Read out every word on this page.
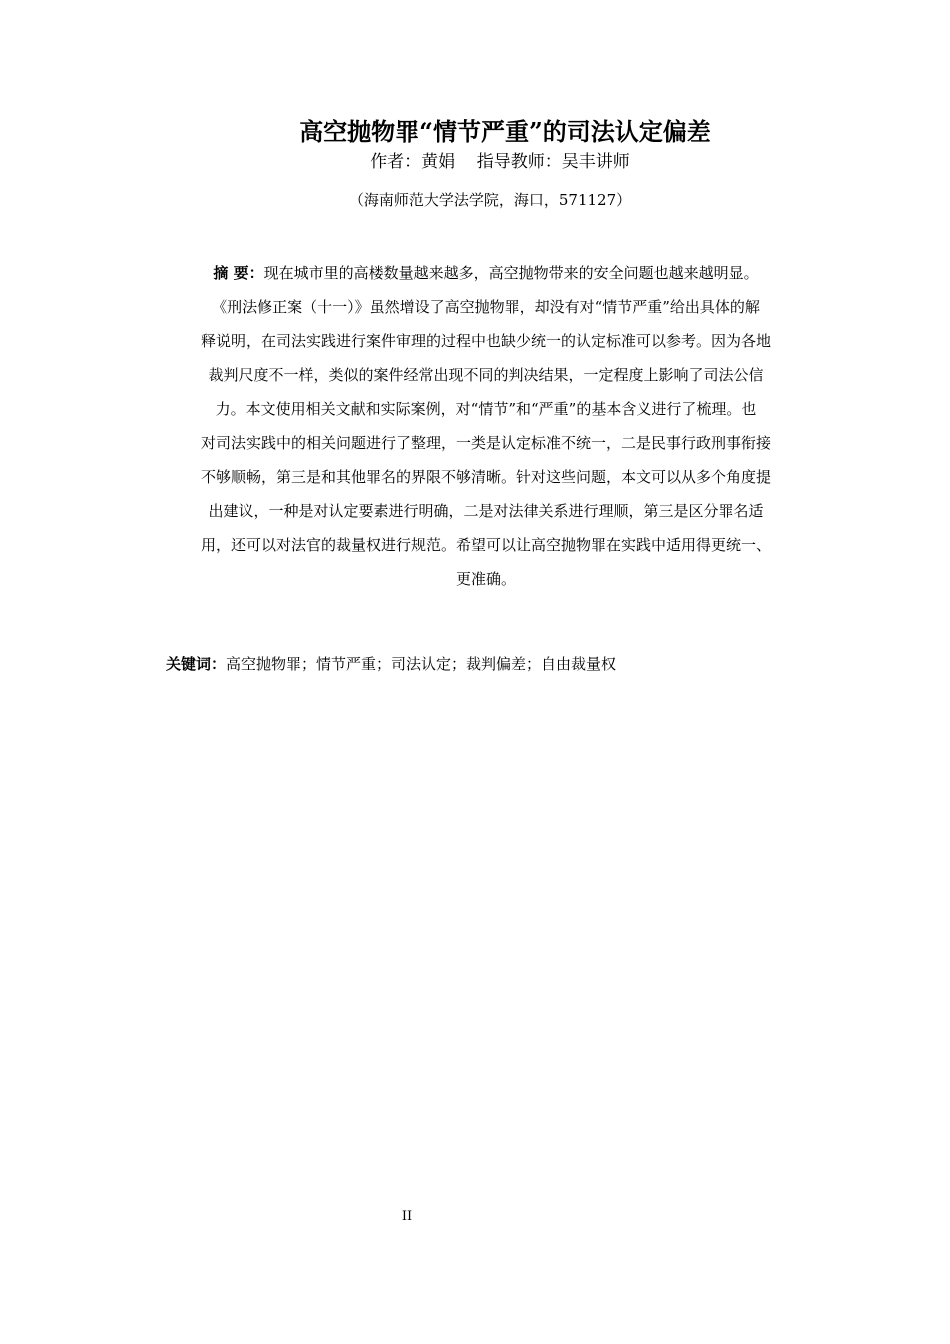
高空抛物罪“情节严重”的司法认定偏差
作者：黄娟    指导教师：吴丰讲师
（海南师范大学法学院，海口，571127）
摘 要：现在城市里的高楼数量越来越多，高空抛物带来的安全问题也越来越明显。
《刑法修正案（十一）》虽然增设了高空抛物罪，却没有对“情节严重”给出具体的解
释说明，在司法实践进行案件审理的过程中也缺少统一的认定标准可以参考。因为各地
裁判尺度不一样，类似的案件经常出现不同的判决结果，一定程度上影响了司法公信
力。本文使用相关文献和实际案例，对“情节”和“严重”的基本含义进行了梳理。也
对司法实践中的相关问题进行了整理，一类是认定标准不统一，二是民事行政刑事衔接
不够顺畅，第三是和其他罪名的界限不够清晰。针对这些问题，本文可以从多个角度提
出建议，一种是对认定要素进行明确，二是对法律关系进行理顺，第三是区分罪名适
用，还可以对法官的裁量权进行规范。希望可以让高空抛物罪在实践中适用得更统一、
更准确。
关键词：高空抛物罪；情节严重；司法认定；裁判偏差；自由裁量权
II
